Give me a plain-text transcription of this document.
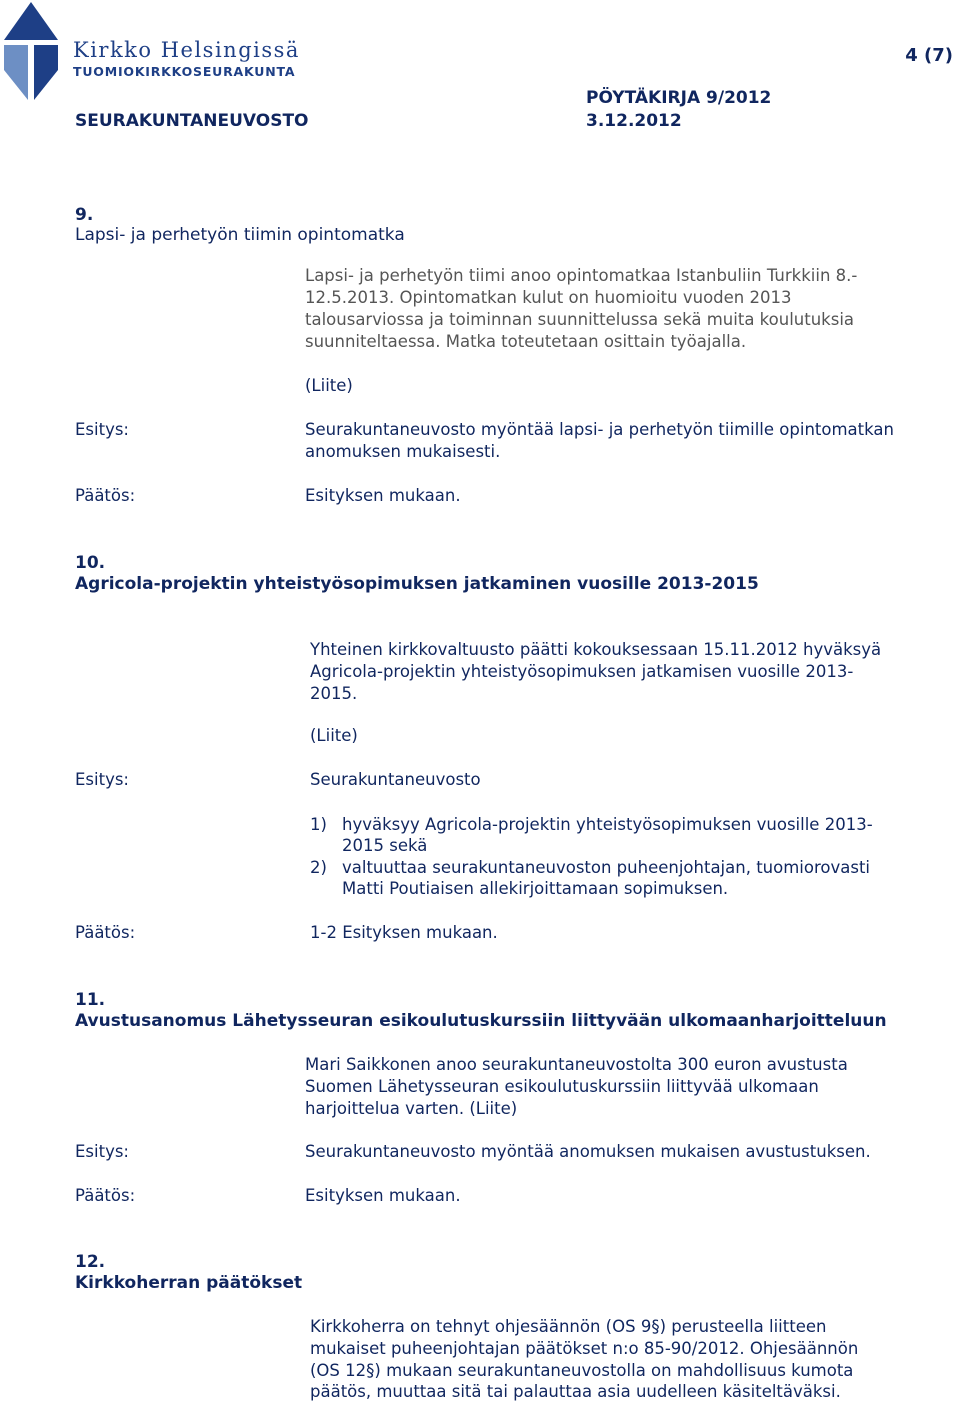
Kirkko Helsingissä
TUOMIOKIRKKOSEURAKUNTA
4 (7)
PÖYTÄKIRJA 9/2012
SEURAKUNTANEUVOSTO	3.12.2012
9.
Lapsi- ja perhetyön tiimin opintomatka
Lapsi- ja perhetyön tiimi anoo opintomatkaa Istanbuliin Turkkiin 8.-
12.5.2013. Opintomatkan kulut on huomioitu vuoden 2013
talousarviossa ja toiminnan suunnittelussa sekä muita koulutuksia
suunniteltaessa. Matka toteutetaan osittain työajalla.
(Liite)
Esitys:	Seurakuntaneuvosto myöntää lapsi- ja perhetyön tiimille opintomatkan
anomuksen mukaisesti.
Päätös:	Esityksen mukaan.
10.
Agricola-projektin yhteistyösopimuksen jatkaminen vuosille 2013-2015
Yhteinen kirkkovaltuusto päätti kokouksessaan 15.11.2012 hyväksyä
Agricola-projektin yhteistyösopimuksen jatkamisen vuosille 2013-
2015.
(Liite)
Esitys:	Seurakuntaneuvosto
1) hyväksyy Agricola-projektin yhteistyösopimuksen vuosille 2013-
2015 sekä
2) valtuuttaa seurakuntaneuvoston puheenjohtajan, tuomiorovasti
Matti Poutiaisen allekirjoittamaan sopimuksen.
Päätös:	1-2 Esityksen mukaan.
11.
Avustusanomus Lähetysseuran esikoulutuskurssiin liittyvään ulkomaanharjoitteluun
Mari Saikkonen anoo seurakuntaneuvostolta 300 euron avustusta
Suomen Lähetysseuran esikoulutuskurssiin liittyvää ulkomaan
harjoittelua varten. (Liite)
Esitys:	Seurakuntaneuvosto myöntää anomuksen mukaisen avustustuksen.
Päätös:	Esityksen mukaan.
12.
Kirkkoherran päätökset
Kirkkoherra on tehnyt ohjesäännön (OS 9§) perusteella liitteen
mukaiset puheenjohtajan päätökset n:o 85-90/2012. Ohjesäännön
(OS 12§) mukaan seurakuntaneuvostolla on mahdollisuus kumota
päätös, muuttaa sitä tai palauttaa asia uudelleen käsiteltäväksi.
